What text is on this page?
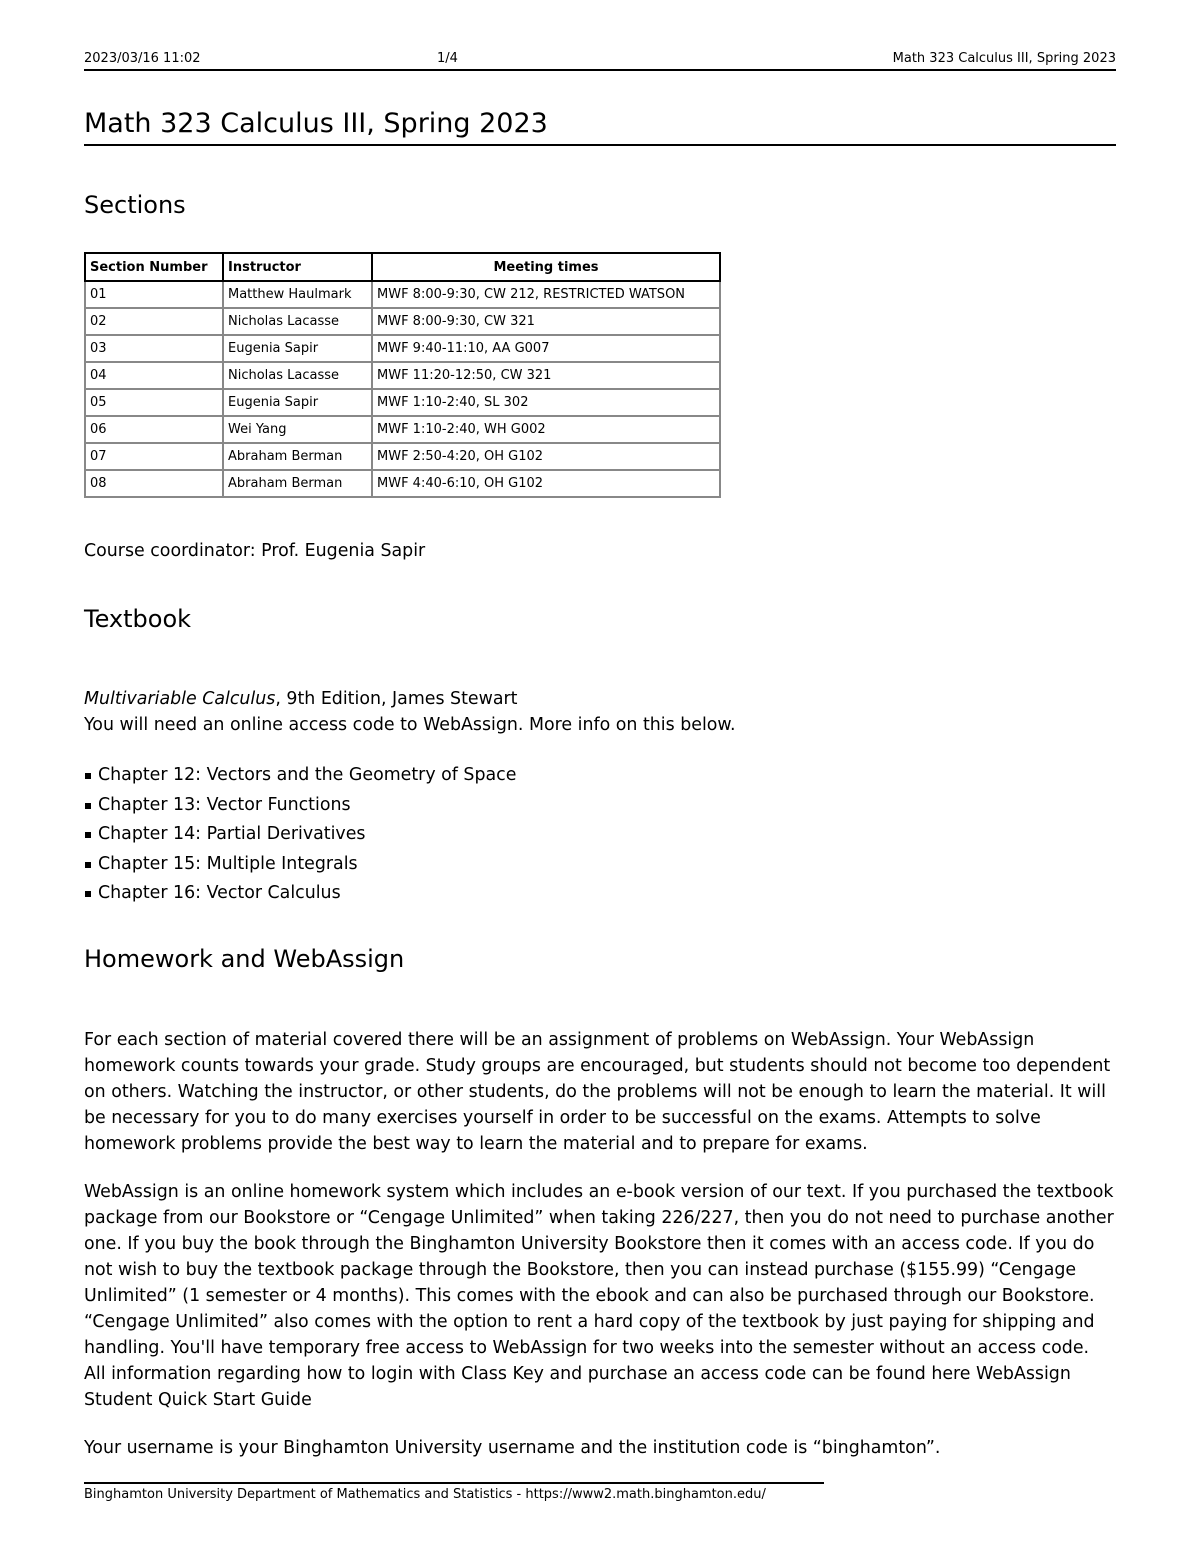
2023/03/16 11:02	1/4	Math 323 Calculus III, Spring 2023
Math 323 Calculus III, Spring 2023
Sections
Section Number	Instructor	Meeting times
01	Matthew Haulmark	MWF 8:00-9:30, CW 212, RESTRICTED WATSON
02	Nicholas Lacasse	MWF 8:00-9:30, CW 321
03	Eugenia Sapir	MWF 9:40-11:10, AA G007
04	Nicholas Lacasse	MWF 11:20-12:50, CW 321
05	Eugenia Sapir	MWF 1:10-2:40, SL 302
06	Wei Yang	MWF 1:10-2:40, WH G002
07	Abraham Berman	MWF 2:50-4:20, OH G102
08	Abraham Berman	MWF 4:40-6:10, OH G102

Course coordinator: Prof. Eugenia Sapir

Textbook

Multivariable Calculus, 9th Edition, James Stewart

You will need an online access code to WebAssign. More info on this below.

Chapter 12: Vectors and the Geometry of Space
Chapter 13: Vector Functions
Chapter 14: Partial Derivatives
Chapter 15: Multiple Integrals
Chapter 16: Vector Calculus
Homework and WebAssign

For each section of material covered there will be an assignment of problems on WebAssign. Your WebAssign homework counts towards your grade. Study groups are encouraged, but students should not become too dependent on others. Watching the instructor, or other students, do the problems will not be enough to learn the material. It will be necessary for you to do many exercises yourself in order to be successful on the exams. Attempts to solve homework problems provide the best way to learn the material and to prepare for exams.

WebAssign is an online homework system which includes an e-book version of our text. If you purchased the textbook package from our Bookstore or “Cengage Unlimited” when taking 226/227, then you do not need to purchase another one. If you buy the book through the Binghamton University Bookstore then it comes with an access code. If you do not wish to buy the textbook package through the Bookstore, then you can instead purchase ($155.99) “Cengage Unlimited” (1 semester or 4 months). This comes with the ebook and can also be purchased through our Bookstore. “Cengage Unlimited” also comes with the option to rent a hard copy of the textbook by just paying for shipping and handling. You'll have temporary free access to WebAssign for two weeks into the semester without an access code. All information regarding how to login with Class Key and purchase an access code can be found here WebAssign Student Quick Start Guide

Your username is your Binghamton University username and the institution code is “binghamton”.

Binghamton University Department of Mathematics and Statistics - https://www2.math.binghamton.edu/
